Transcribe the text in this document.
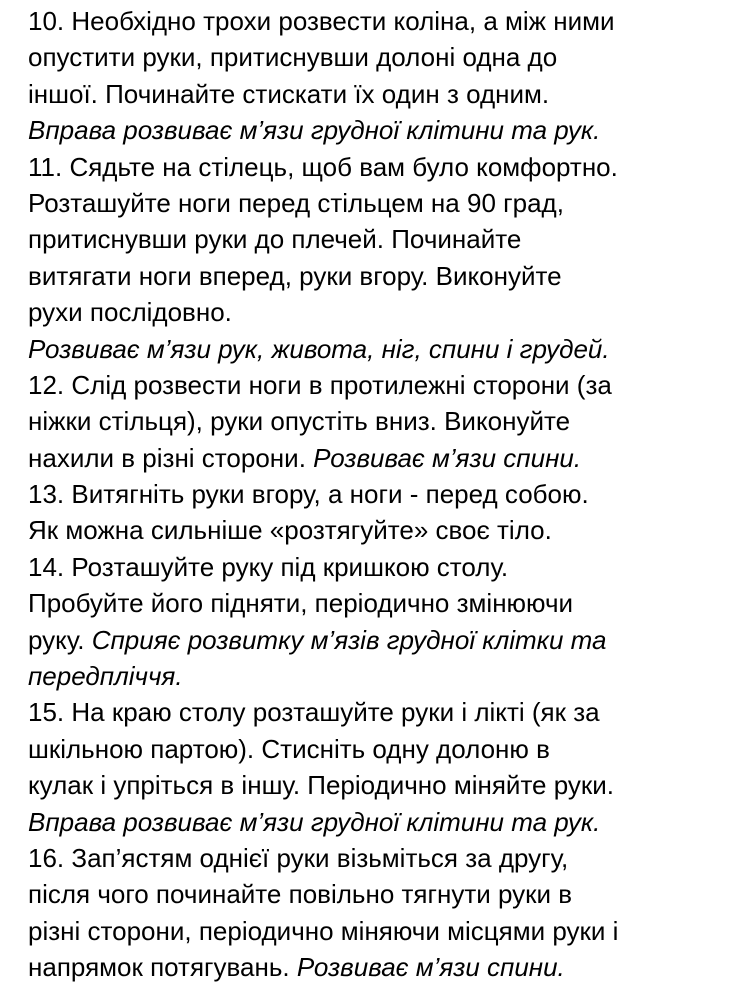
10. Необхідно трохи розвести коліна, а між ними
опустити руки, притиснувши долоні одна до
іншої. Починайте стискати їх один з одним.
Вправа розвиває м’язи грудної клітини та рук.
11. Сядьте на стілець, щоб вам було комфортно.
Розташуйте ноги перед стільцем на 90 град,
притиснувши руки до плечей. Починайте
витягати ноги вперед, руки вгору. Виконуйте
рухи послідовно.
Розвиває м’язи рук, живота, ніг, спини і грудей.
12. Слід розвести ноги в протилежні сторони (за
ніжки стільця), руки опустіть вниз. Виконуйте
нахили в різні сторони. Розвиває м’язи спини.
13. Витягніть руки вгору, а ноги - перед собою.
Як можна сильніше «розтягуйте» своє тіло.
14. Розташуйте руку під кришкою столу.
Пробуйте його підняти, періодично змінюючи
руку. Сприяє розвитку м’язів грудної клітки та
передпліччя.
15. На краю столу розташуйте руки і лікті (як за
шкільною партою). Стисніть одну долоню в
кулак і упріться в іншу. Періодично міняйте руки.
Вправа розвиває м’язи грудної клітини та рук.
16. Зап’ястям однієї руки візьміться за другу,
після чого починайте повільно тягнути руки в
різні сторони, періодично міняючи місцями руки і
напрямок потягувань. Розвиває м’язи спини.
